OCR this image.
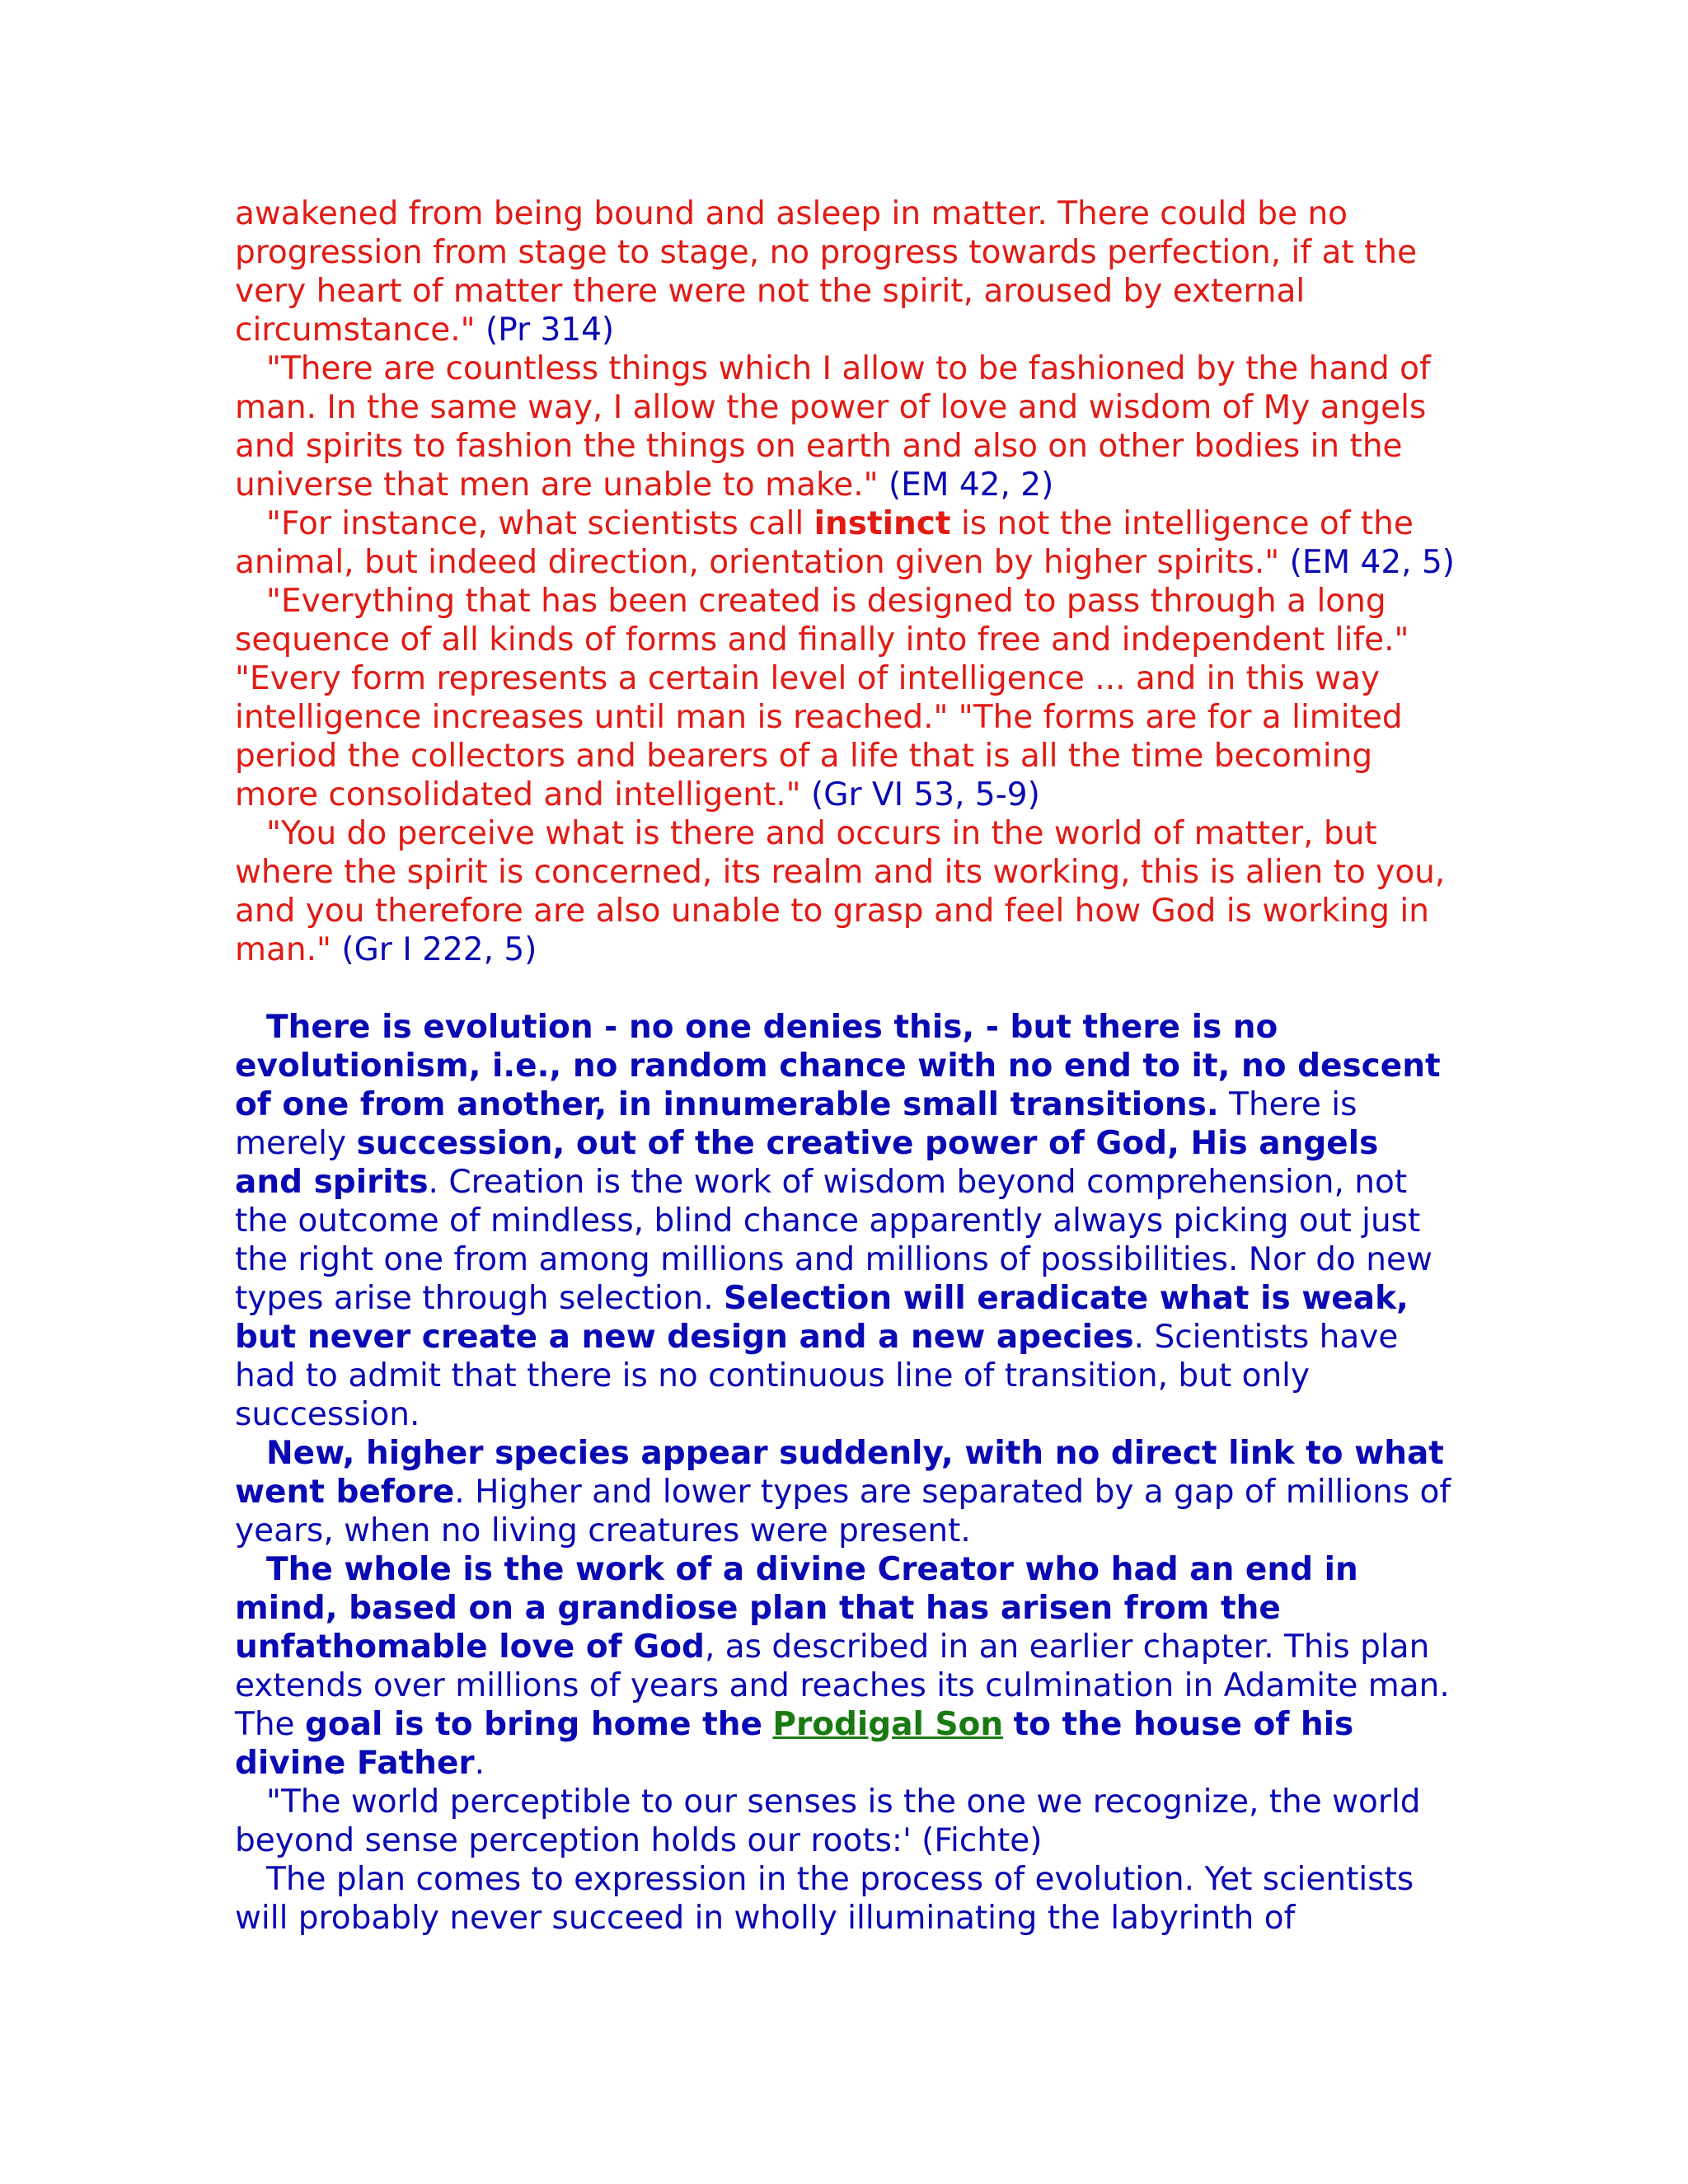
awakened from being bound and asleep in matter. There could be no progression from stage to stage, no progress towards perfection, if at the very heart of matter there were not the spirit, aroused by external circumstance." (Pr 314)

"There are countless things which I allow to be fashioned by the hand of man. In the same way, I allow the power of love and wisdom of My angels and spirits to fashion the things on earth and also on other bodies in the universe that men are unable to make." (EM 42, 2)

"For instance, what scientists call instinct is not the intelligence of the animal, but indeed direction, orientation given by higher spirits." (EM 42, 5)

"Everything that has been created is designed to pass through a long sequence of all kinds of forms and finally into free and independent life." "Every form represents a certain level of intelligence ... and in this way intelligence increases until man is reached." "The forms are for a limited period the collectors and bearers of a life that is all the time becoming more consolidated and intelligent." (Gr VI 53, 5-9)

"You do perceive what is there and occurs in the world of matter, but where the spirit is concerned, its realm and its working, this is alien to you, and you therefore are also unable to grasp and feel how God is working in man." (Gr I 222, 5)

There is evolution - no one denies this, - but there is no evolutionism, i.e., no random chance with no end to it, no descent of one from another, in innumerable small transitions. There is merely succession, out of the creative power of God, His angels and spirits. Creation is the work of wisdom beyond comprehension, not the outcome of mindless, blind chance apparently always picking out just the right one from among millions and millions of possibilities. Nor do new types arise through selection. Selection will eradicate what is weak, but never create a new design and a new apecies. Scientists have had to admit that there is no continuous line of transition, but only succession.

New, higher species appear suddenly, with no direct link to what went before. Higher and lower types are separated by a gap of millions of years, when no living creatures were present.

The whole is the work of a divine Creator who had an end in mind, based on a grandiose plan that has arisen from the unfathomable love of God, as described in an earlier chapter. This plan extends over millions of years and reaches its culmination in Adamite man. The goal is to bring home the Prodigal Son to the house of his divine Father.

"The world perceptible to our senses is the one we recognize, the world beyond sense perception holds our roots:' (Fichte)

The plan comes to expression in the process of evolution. Yet scientists will probably never succeed in wholly illuminating the labyrinth of
